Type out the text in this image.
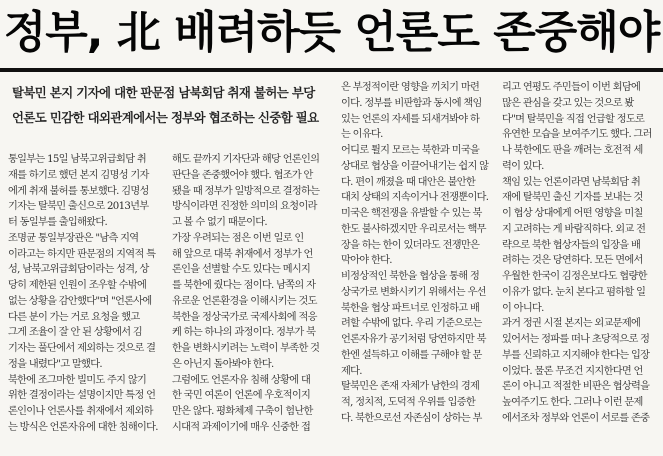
정부, 北 배려하듯 언론도 존중해야
탈북민 본지 기자에 대한 판문점 남북회담 취재 불허는 부당
언론도 민감한 대외관계에서는 정부와 협조하는 신중함 필요
통일부는 15일 남북고위급회담 취
재를 하기로 했던 본지 김명성 기자
에게 취재 불허를 통보했다. 김명성
기자는 탈북민 출신으로 2013년부
터 동일부를 출입해왔다.
조명균 통일부장관은 "남측 지역
이라고는 하지만 판문점의 지역적 특
성, 남북고위급회담이라는 성격, 상
당히 제한된 인원이 조우할 수밖에
없는 상황을 감안했다"며 "언론사에
다른 분이 가는 거로 요청을 했고
그게 조율이 잘 안 된 상황에서 김
기자는 풀단에서 제외하는 것으로 결
정을 내렸다"고 말했다.
북한에 조그마한 빌미도 주지 않기
위한 결정이라는 설명이지만 특정 언
론인이나 언론사를 취재에서 제외하
는 방식은 언론자유에 대한 침해이다.
해도 끝까지 기자단과 해당 언론인의
판단을 존중했어야 했다. 협조가 안
됐을 때 정부가 일방적으로 결정하는
방식이라면 진정한 의미의 요청이라
고 볼 수 없기 때문이다.
가장 우려되는 점은 이번 일로 인
해 앞으로 대북 취재에서 정부가 언
론인을 선별할 수도 있다는 메시지
를 북한에 줬다는 점이다. 남쪽의 자
유로운 언론환경을 이해시키는 것도
북한을 정상국가로 국제사회에 적응
케 하는 하나의 과정이다. 정부가 북
한을 변화시키려는 노력이 부족한 것
은 아닌지 돌아봐야 한다.
그럼에도 언론자유 침해 상황에 대
한 국민 여론이 언론에 우호적이지
만은 않다. 평화체제 구축이 험난한
시대적 과제이기에 매우 신중한 접
은 부정적이란 영향을 끼치기 마련
이다. 정부를 비판함과 동시에 책임
있는 언론의 자세를 되새겨봐야 하
는 이유다.
어디로 튈지 모르는 북한과 미국을
상대로 협상을 이끌어내기는 쉽지 않
다. 편이 깨졌을 때 대안은 불안한
대치 상태의 지속이거나 전쟁뿐이다.
미국은 핵전쟁을 유발할 수 있는 북
한도 불사하겠지만 우리로서는 핵무
장을 하는 한이 있더라도 전쟁만은
막아야 한다.
비정상적인 북한을 협상을 통해 정
상국가로 변화시키기 위해서는 우선
북한을 협상 파트너로 인정하고 배
려할 수밖에 없다. 우리 기준으로는
언론자유가 공기처럼 당연하지만 북
한엔 설득하고 이해를 구해야 할 문
제다.
탈북민은 존재 자체가 남한의 경제
적, 정치적, 도덕적 우위를 입증한
다. 북한으로선 자존심이 상하는 부
리고 연평도 주민들이 이번 회담에
많은 관심을 갖고 있는 것으로 봤
다"며 탈북민을 직접 언급할 정도로
유연한 모습을 보여주기도 했다. 그러
나 북한에도 판을 깨려는 호전적 세
력이 있다.
책임 있는 언론이라면 남북회담 취
재에 탈북민 출신 기자를 보내는 것
이 협상 상대에게 어떤 영향을 미칠
지 고려하는 게 바람직하다. 외교 전
략으로 북한 협상자들의 입장을 배
려하는 것은 당연하다. 모든 면에서
우월한 한국이 김정은보다도 협량한
이유가 없다. 눈치 본다고 폄하할 일
이 아니다.
과거 정권 시절 본지는 외교문제에
있어서는 정파를 떠나 초당적으로 정
부를 신뢰하고 지지해야 한다는 입장
이었다. 물론 무조건 지지한다면 언
론이 아니고 적절한 비판은 협상력을
높여주기도 한다. 그러나 이런 문제
에서조차 정부와 언론이 서로를 존중
